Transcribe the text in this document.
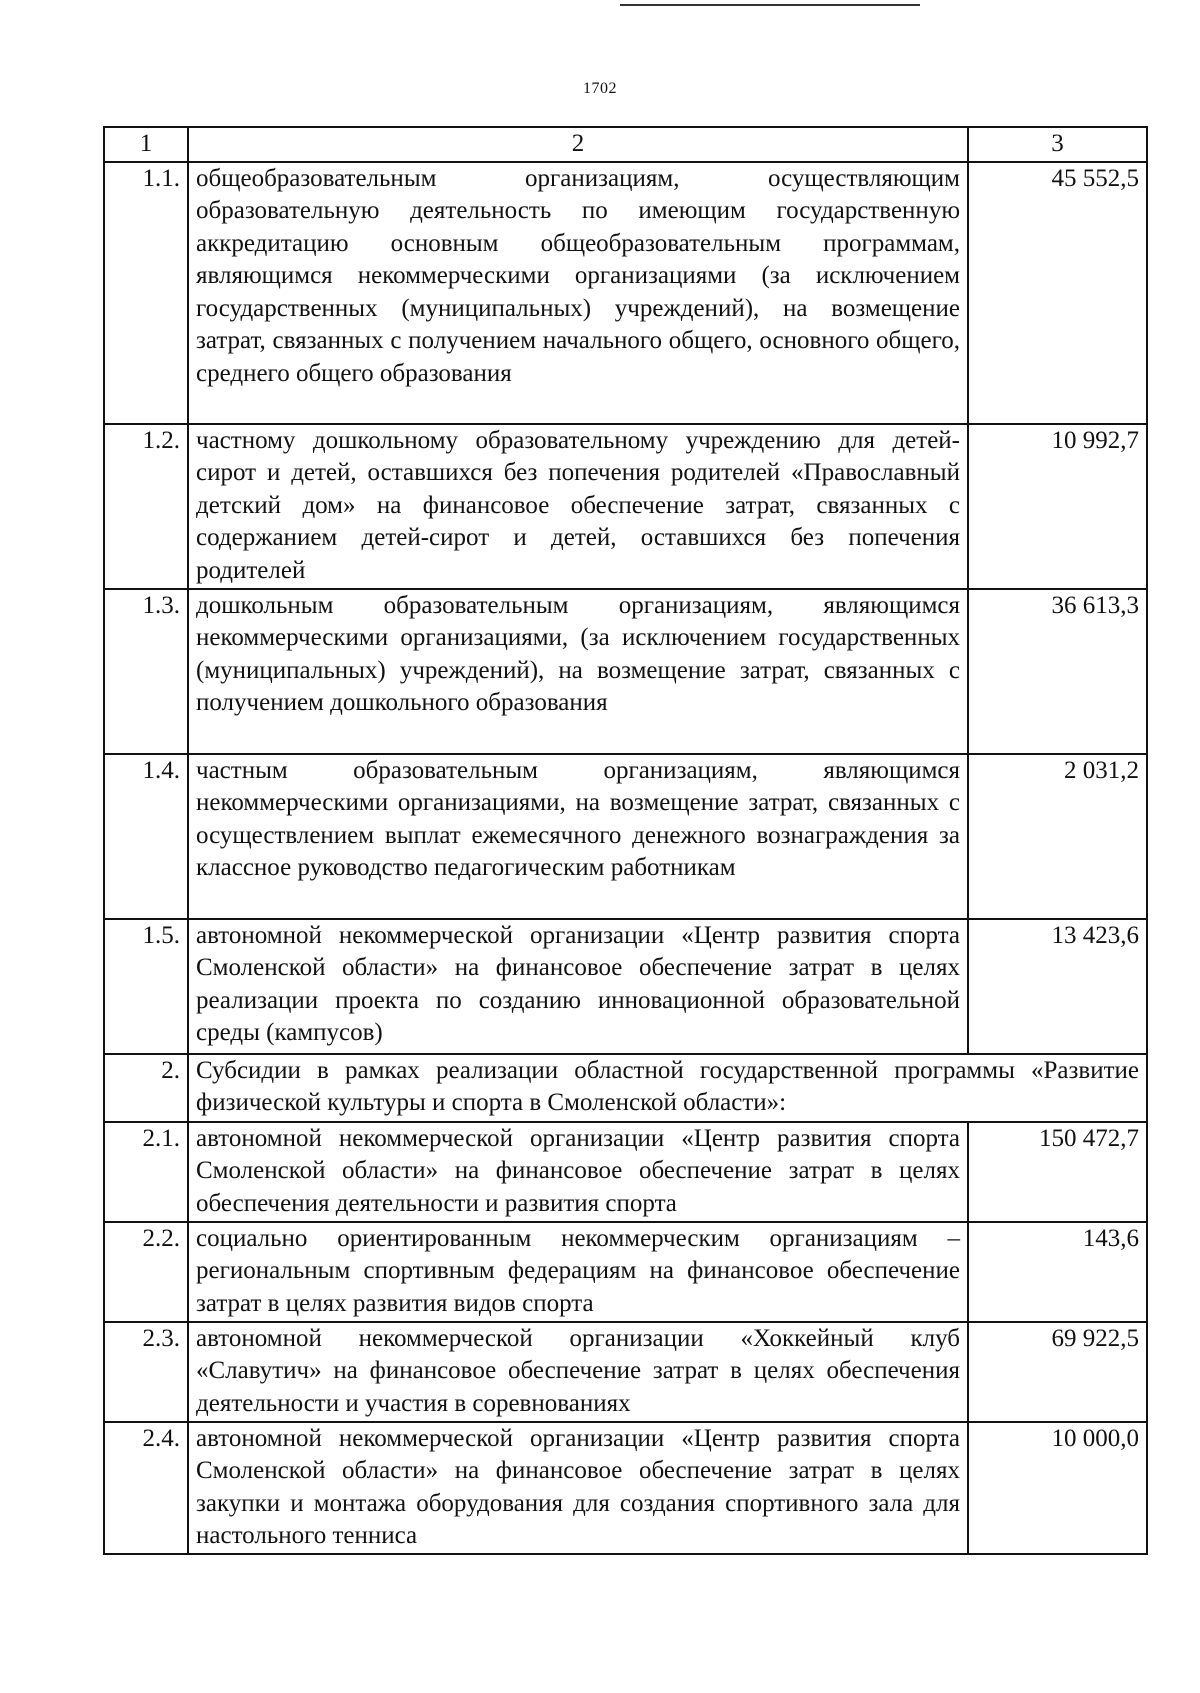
1702
1	2	3
1.1.	общеобразовательным организациям, осуществляющим образовательную деятельность по имеющим государственную аккредитацию основным общеобразовательным программам, являющимся некоммерческими организациями (за исключением государственных (муниципальных) учреждений), на возмещение затрат, связанных с получением начального общего, основного общего, среднего общего образования	45 552,5
1.2.	частному дошкольному образовательному учреждению для детей-сирот и детей, оставшихся без попечения родителей «Православный детский дом» на финансовое обеспечение затрат, связанных с содержанием детей-сирот и детей, оставшихся без попечения родителей	10 992,7
1.3.	дошкольным образовательным организациям, являющимся некоммерческими организациями, (за исключением государственных (муниципальных) учреждений), на возмещение затрат, связанных с получением дошкольного образования	36 613,3
1.4.	частным образовательным организациям, являющимся некоммерческими организациями, на возмещение затрат, связанных с осуществлением выплат ежемесячного денежного вознаграждения за классное руководство педагогическим работникам	2 031,2
1.5.	автономной некоммерческой организации «Центр развития спорта Смоленской области» на финансовое обеспечение затрат в целях реализации проекта по созданию инновационной образовательной среды (кампусов)	13 423,6
2.	Субсидии в рамках реализации областной государственной программы «Развитие физической культуры и спорта в Смоленской области»:	
2.1.	автономной некоммерческой организации «Центр развития спорта Смоленской области» на финансовое обеспечение затрат в целях обеспечения деятельности и развития спорта	150 472,7
2.2.	социально ориентированным некоммерческим организациям – региональным спортивным федерациям на финансовое обеспечение затрат в целях развития видов спорта	143,6
2.3.	автономной некоммерческой организации «Хоккейный клуб «Славутич» на финансовое обеспечение затрат в целях обеспечения деятельности и участия в соревнованиях	69 922,5
2.4.	автономной некоммерческой организации «Центр развития спорта Смоленской области» на финансовое обеспечение затрат в целях закупки и монтажа оборудования для создания спортивного зала для настольного тенниса	10 000,0
